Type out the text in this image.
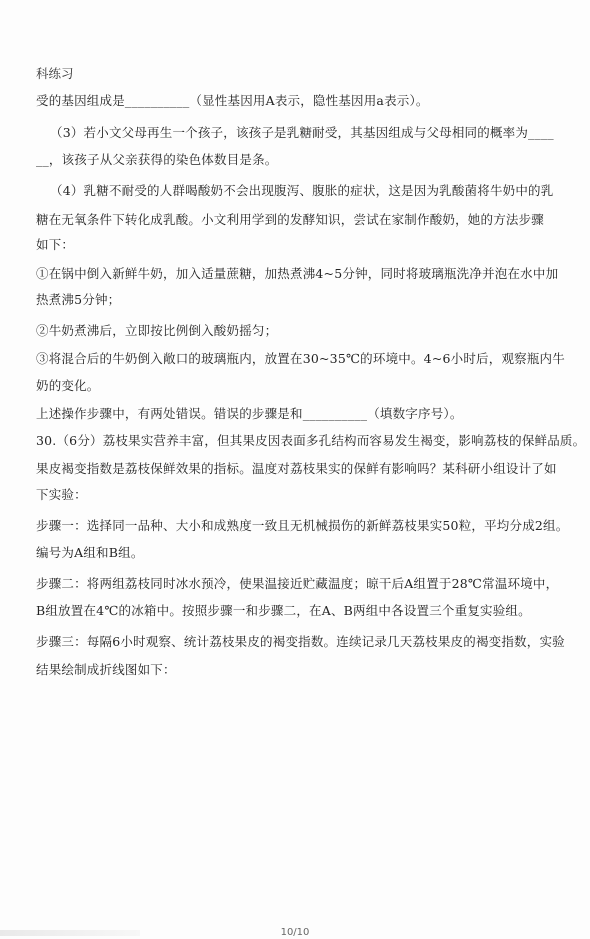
科练习
受的基因组成是__________（显性基因用A表示，隐性基因用a表示）。
（3）若小文父母再生一个孩子，该孩子是乳糖耐受，其基因组成与父母相同的概率为____
__，该孩子从父亲获得的染色体数目是条。
（4）乳糖不耐受的人群喝酸奶不会出现腹泻、腹胀的症状，这是因为乳酸菌将牛奶中的乳
糖在无氧条件下转化成乳酸。小文利用学到的发酵知识，尝试在家制作酸奶，她的方法步骤
如下：
①在锅中倒入新鲜牛奶，加入适量蔗糖，加热煮沸4~5分钟，同时将玻璃瓶洗净并泡在水中加
热煮沸5分钟；
②牛奶煮沸后，立即按比例倒入酸奶摇匀；
③将混合后的牛奶倒入敞口的玻璃瓶内，放置在30~35℃的环境中。4~6小时后，观察瓶内牛
奶的变化。
上述操作步骤中，有两处错误。错误的步骤是和__________（填数字序号）。
30.（6分）荔枝果实营养丰富，但其果皮因表面多孔结构而容易发生褐变，影响荔枝的保鲜品质。
果皮褐变指数是荔枝保鲜效果的指标。温度对荔枝果实的保鲜有影响吗？某科研小组设计了如
下实验：
步骤一：选择同一品种、大小和成熟度一致且无机械损伤的新鲜荔枝果实50粒，平均分成2组。
编号为A组和B组。
步骤二：将两组荔枝同时冰水预冷，使果温接近贮藏温度；晾干后A组置于28℃常温环境中，
B组放置在4℃的冰箱中。按照步骤一和步骤二，在A、B两组中各设置三个重复实验组。
步骤三：每隔6小时观察、统计荔枝果皮的褐变指数。连续记录几天荔枝果皮的褐变指数，实验
结果绘制成折线图如下：
10/10
